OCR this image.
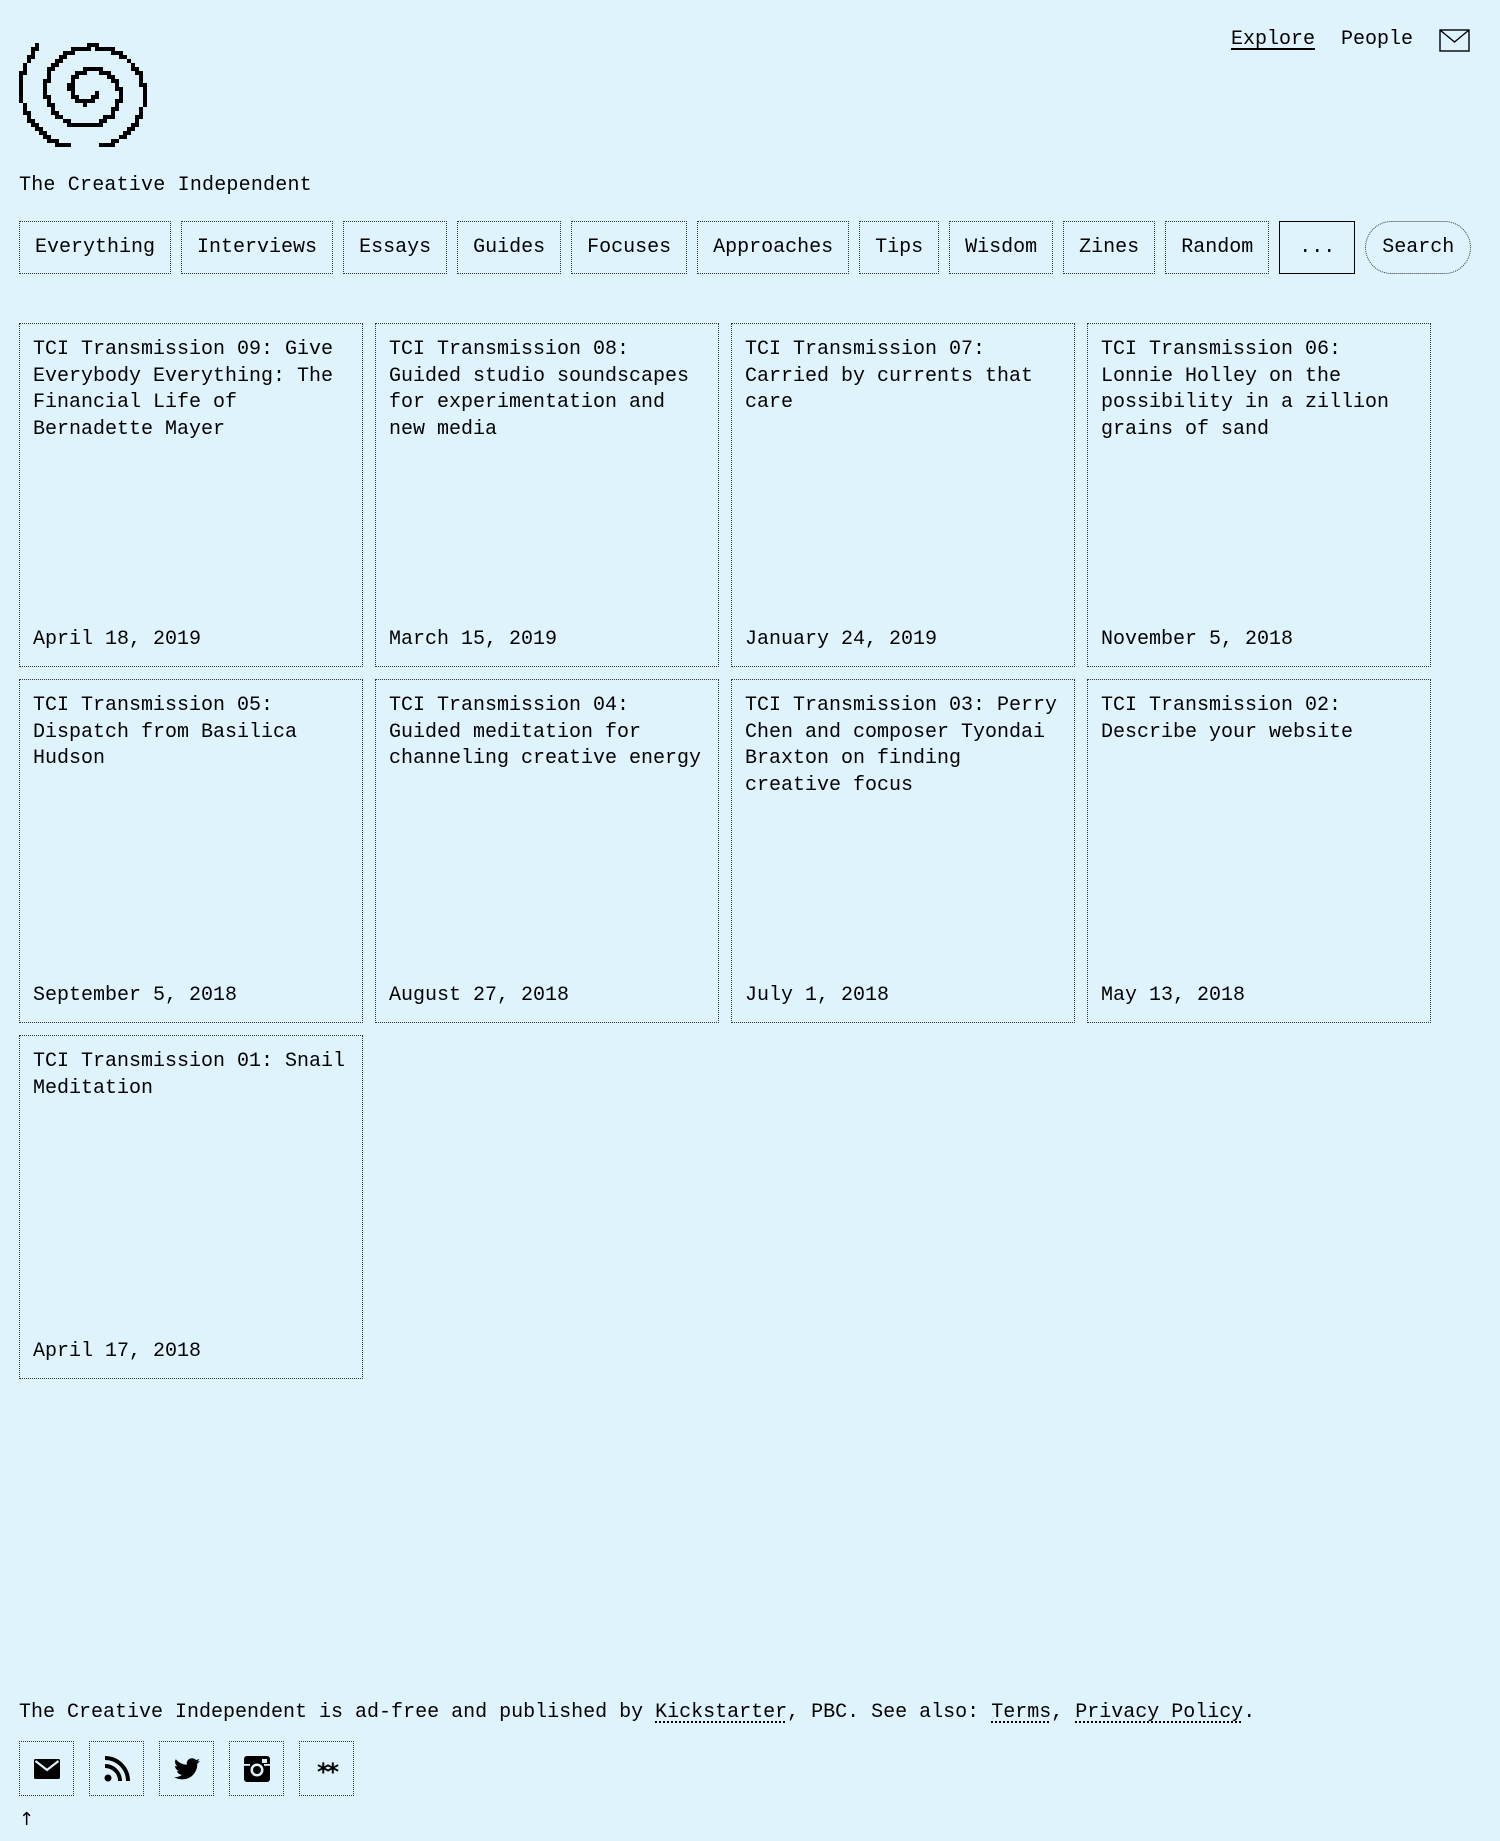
The Creative Independent
Explore People
Everything	Interviews	Essays	Guides	Focuses	Approaches	Tips	Wisdom	Zines	Random	...	Search
TCI Transmission 09: Give Everybody Everything: The Financial Life of Bernadette Mayer
April 18, 2019
TCI Transmission 08: Guided studio soundscapes for experimentation and new media
March 15, 2019
TCI Transmission 07: Carried by currents that care
January 24, 2019
TCI Transmission 06: Lonnie Holley on the possibility in a zillion grains of sand
November 5, 2018
TCI Transmission 05: Dispatch from Basilica Hudson
September 5, 2018
TCI Transmission 04: Guided meditation for channeling creative energy
August 27, 2018
TCI Transmission 03: Perry Chen and composer Tyondai Braxton on finding creative focus
July 1, 2018
TCI Transmission 02: Describe your website
May 13, 2018
TCI Transmission 01: Snail Meditation
April 17, 2018
The Creative Independent is ad-free and published by Kickstarter, PBC. See also: Terms, Privacy Policy.
**
↑
